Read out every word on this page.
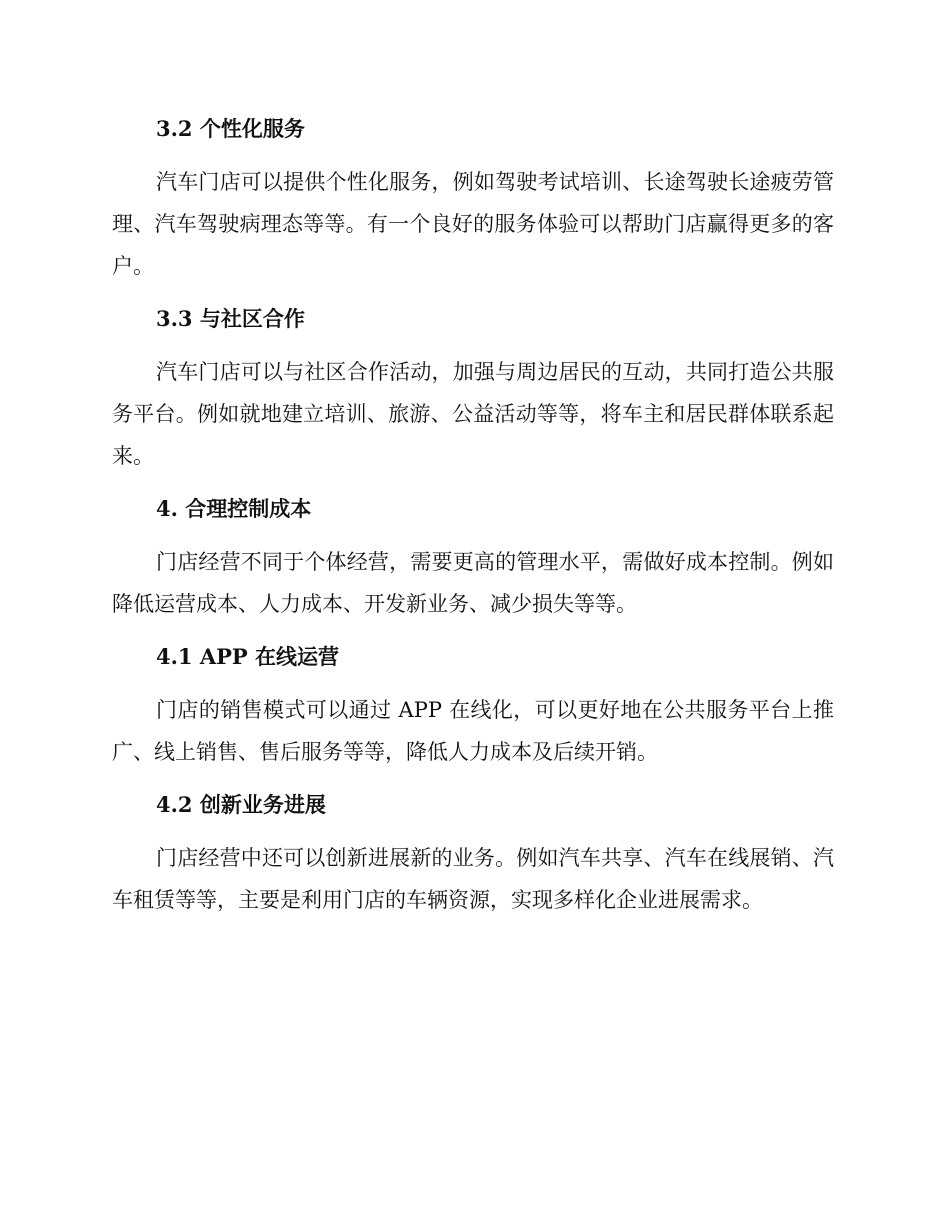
3.2 个性化服务

汽车门店可以提供个性化服务，例如驾驶考试培训、长途驾驶长途疲劳管理、汽车驾驶病理态等等。有一个良好的服务体验可以帮助门店赢得更多的客户。

3.3 与社区合作

汽车门店可以与社区合作活动，加强与周边居民的互动，共同打造公共服务平台。例如就地建立培训、旅游、公益活动等等，将车主和居民群体联系起来。

4. 合理控制成本

门店经营不同于个体经营，需要更高的管理水平，需做好成本控制。例如降低运营成本、人力成本、开发新业务、减少损失等等。

4.1 APP 在线运营

门店的销售模式可以通过 APP 在线化，可以更好地在公共服务平台上推广、线上销售、售后服务等等，降低人力成本及后续开销。

4.2 创新业务进展

门店经营中还可以创新进展新的业务。例如汽车共享、汽车在线展销、汽车租赁等等，主要是利用门店的车辆资源，实现多样化企业进展需求。
